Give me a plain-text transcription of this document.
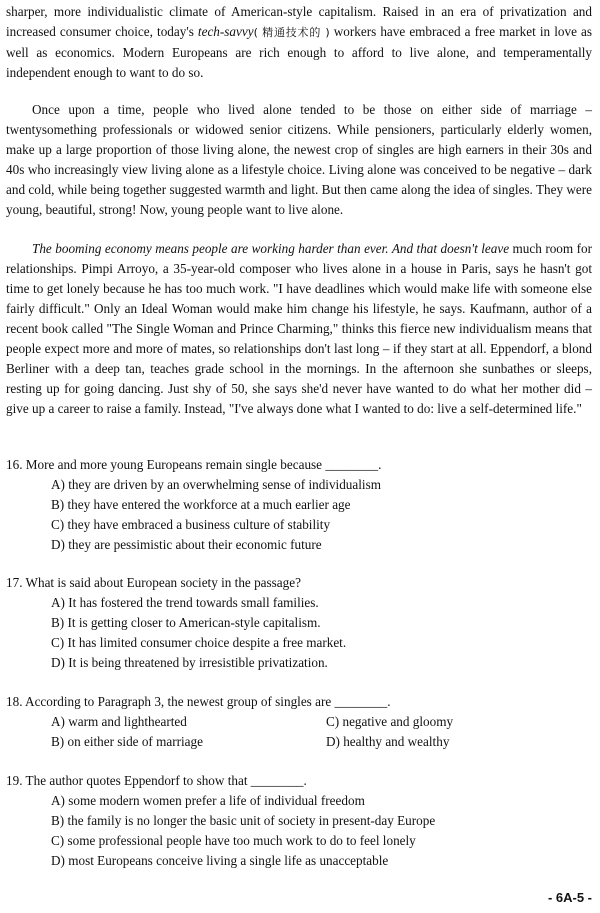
sharper, more individualistic climate of American-style capitalism. Raised in an era of privatization and increased consumer choice, today's tech-savvy( 精通技术的 ) workers have embraced a free market in love as well as economics. Modern Europeans are rich enough to afford to live alone, and temperamentally independent enough to want to do so.

Once upon a time, people who lived alone tended to be those on either side of marriage – twentysomething professionals or widowed senior citizens. While pensioners, particularly elderly women, make up a large proportion of those living alone, the newest crop of singles are high earners in their 30s and 40s who increasingly view living alone as a lifestyle choice. Living alone was conceived to be negative – dark and cold, while being together suggested warmth and light. But then came along the idea of singles. They were young, beautiful, strong! Now, young people want to live alone.

The booming economy means people are working harder than ever. And that doesn't leave much room for relationships. Pimpi Arroyo, a 35-year-old composer who lives alone in a house in Paris, says he hasn't got time to get lonely because he has too much work. "I have deadlines which would make life with someone else fairly difficult." Only an Ideal Woman would make him change his lifestyle, he says. Kaufmann, author of a recent book called "The Single Woman and Prince Charming," thinks this fierce new individualism means that people expect more and more of mates, so relationships don't last long – if they start at all. Eppendorf, a blond Berliner with a deep tan, teaches grade school in the mornings. In the afternoon she sunbathes or sleeps, resting up for going dancing. Just shy of 50, she says she'd never have wanted to do what her mother did – give up a career to raise a family. Instead, "I've always done what I wanted to do: live a self-determined life."

16. More and more young Europeans remain single because ________.

A) they are driven by an overwhelming sense of individualism

B) they have entered the workforce at a much earlier age

C) they have embraced a business culture of stability

D) they are pessimistic about their economic future

17. What is said about European society in the passage?

A) It has fostered the trend towards small families.

B) It is getting closer to American-style capitalism.

C) It has limited consumer choice despite a free market.

D) It is being threatened by irresistible privatization.

18. According to Paragraph 3, the newest group of singles are ________.

A) warm and lighthearted	C) negative and gloomy

B) on either side of marriage	D) healthy and wealthy

19. The author quotes Eppendorf to show that ________.

A) some modern women prefer a life of individual freedom

B) the family is no longer the basic unit of society in present-day Europe

C) some professional people have too much work to do to feel lonely

D) most Europeans conceive living a single life as unacceptable

- 6A-5 -
